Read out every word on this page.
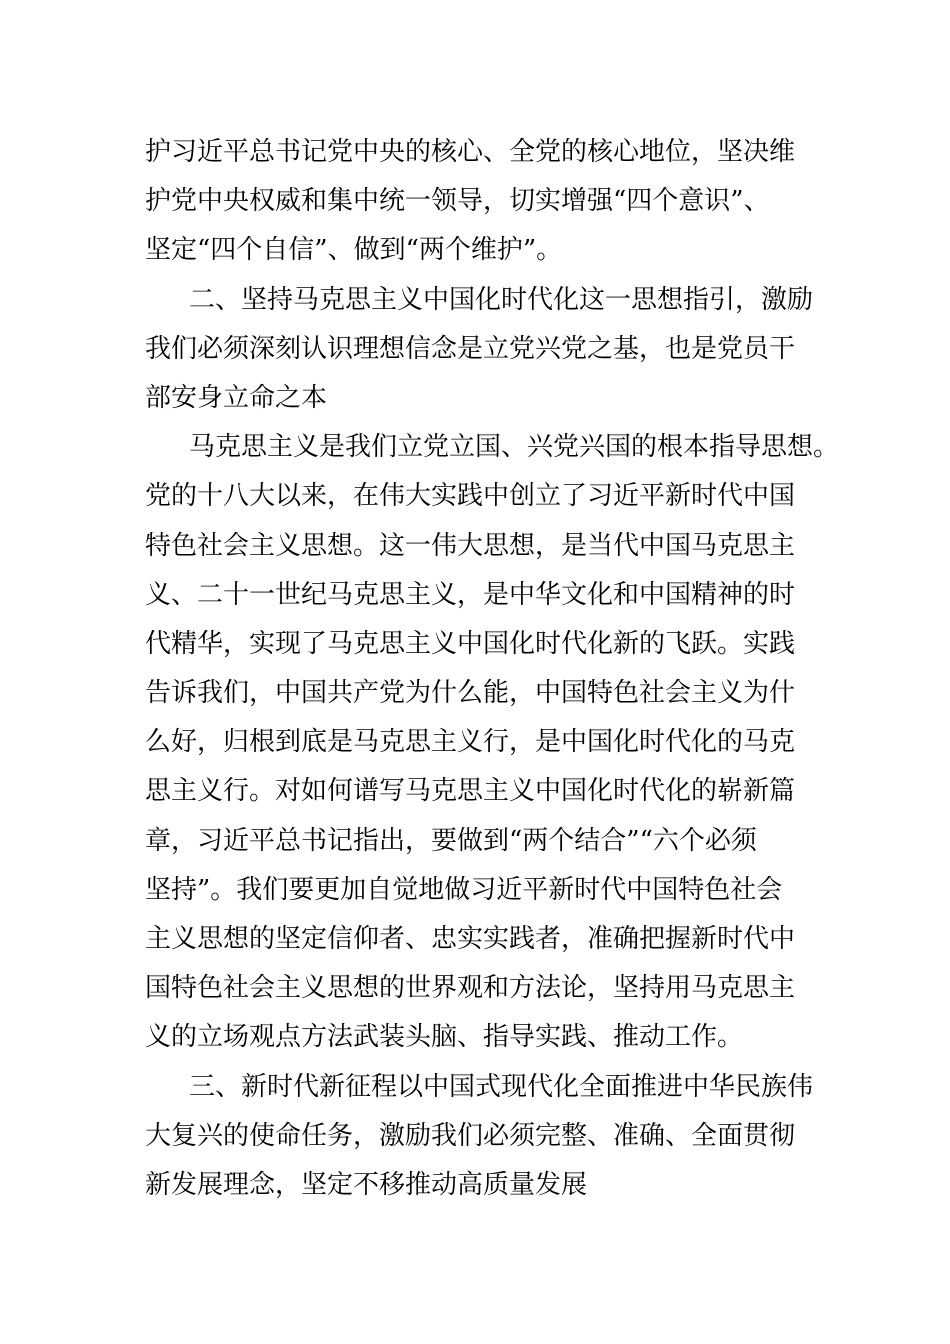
护习近平总书记党中央的核心、全党的核心地位，坚决维
护党中央权威和集中统一领导，切实增强“四个意识”、
坚定“四个自信”、做到“两个维护”。
二、坚持马克思主义中国化时代化这一思想指引，激励
我们必须深刻认识理想信念是立党兴党之基，也是党员干
部安身立命之本
马克思主义是我们立党立国、兴党兴国的根本指导思想。
党的十八大以来，在伟大实践中创立了习近平新时代中国
特色社会主义思想。这一伟大思想，是当代中国马克思主
义、二十一世纪马克思主义，是中华文化和中国精神的时
代精华，实现了马克思主义中国化时代化新的飞跃。实践
告诉我们，中国共产党为什么能，中国特色社会主义为什
么好，归根到底是马克思主义行，是中国化时代化的马克
思主义行。对如何谱写马克思主义中国化时代化的崭新篇
章，习近平总书记指出，要做到“两个结合”“六个必须
坚持”。我们要更加自觉地做习近平新时代中国特色社会
主义思想的坚定信仰者、忠实实践者，准确把握新时代中
国特色社会主义思想的世界观和方法论，坚持用马克思主
义的立场观点方法武装头脑、指导实践、推动工作。
三、新时代新征程以中国式现代化全面推进中华民族伟
大复兴的使命任务，激励我们必须完整、准确、全面贯彻
新发展理念，坚定不移推动高质量发展
